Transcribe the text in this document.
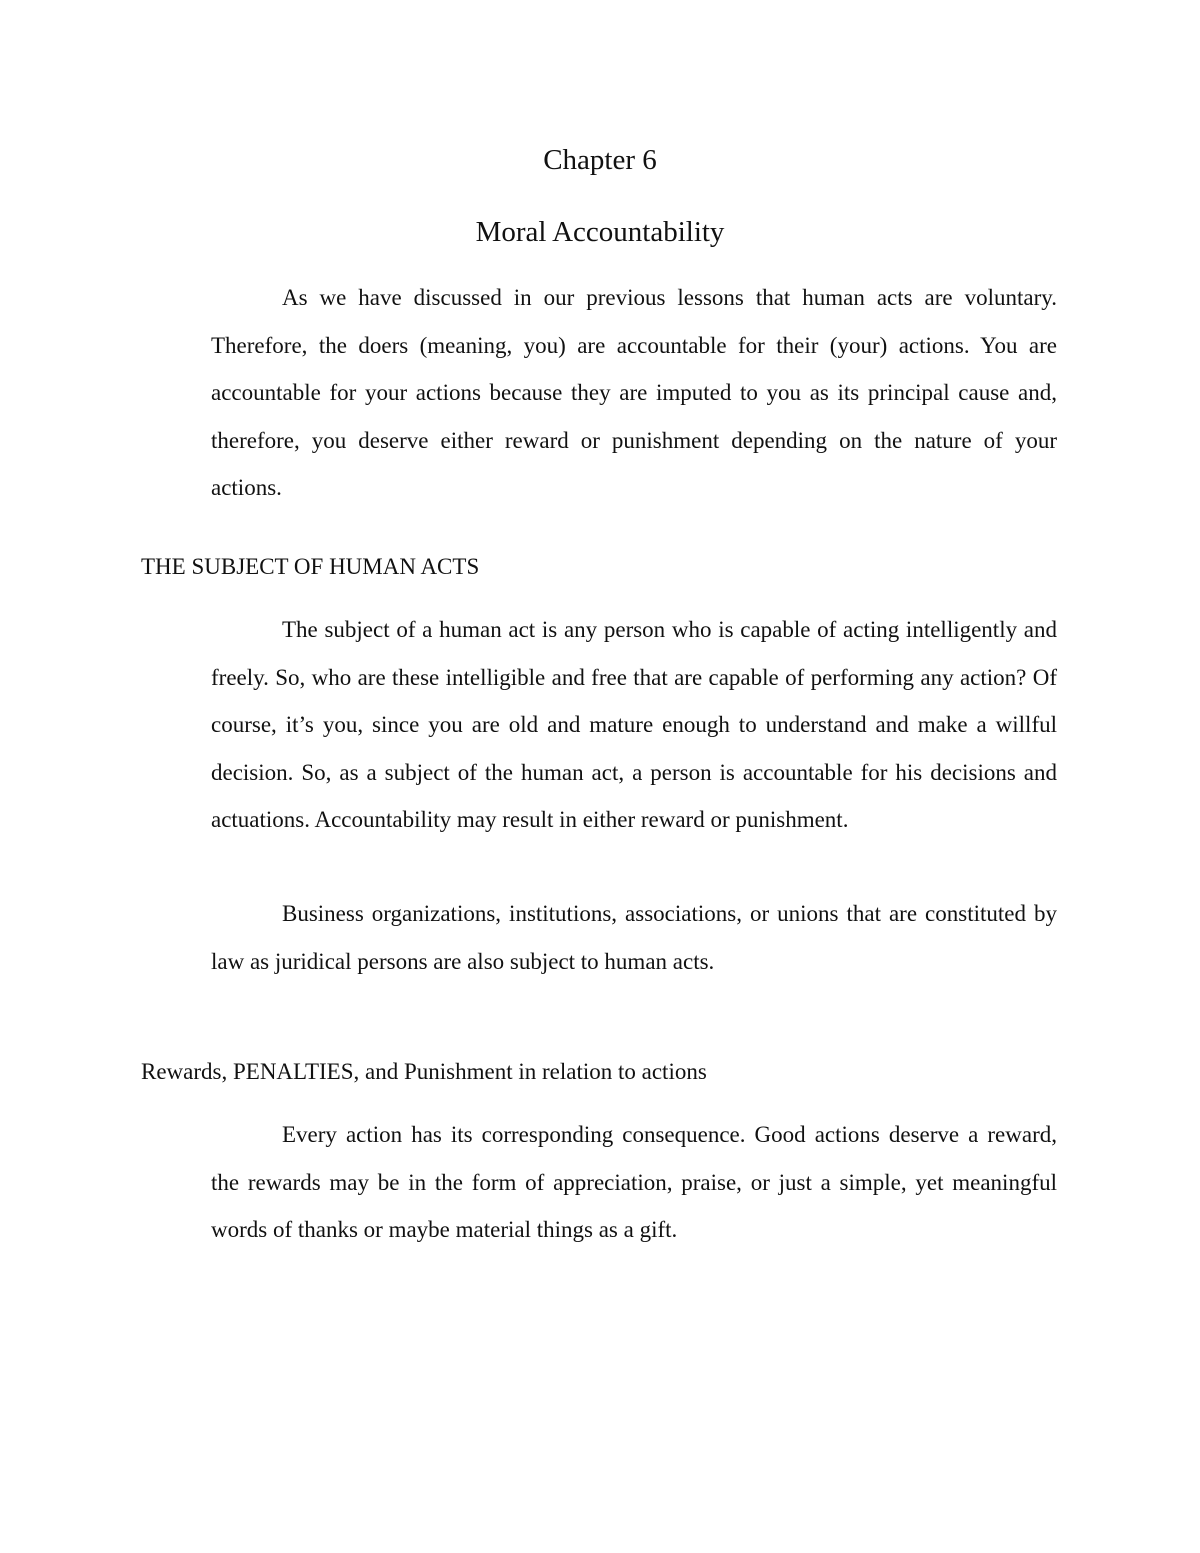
Chapter 6
Moral Accountability

As we have discussed in our previous lessons that human acts are voluntary. Therefore, the doers (meaning, you) are accountable for their (your) actions. You are accountable for your actions because they are imputed to you as its principal cause and, therefore, you deserve either reward or punishment depending on the nature of your actions.

THE SUBJECT OF HUMAN ACTS

The subject of a human act is any person who is capable of acting intelligently and freely. So, who are these intelligible and free that are capable of performing any action? Of course, it’s you, since you are old and mature enough to understand and make a willful decision. So, as a subject of the human act, a person is accountable for his decisions and actuations. Accountability may result in either reward or punishment.

Business organizations, institutions, associations, or unions that are constituted by law as juridical persons are also subject to human acts.

Rewards, PENALTIES, and Punishment in relation to actions

Every action has its corresponding consequence. Good actions deserve a reward, the rewards may be in the form of appreciation, praise, or just a simple, yet meaningful words of thanks or maybe material things as a gift.
